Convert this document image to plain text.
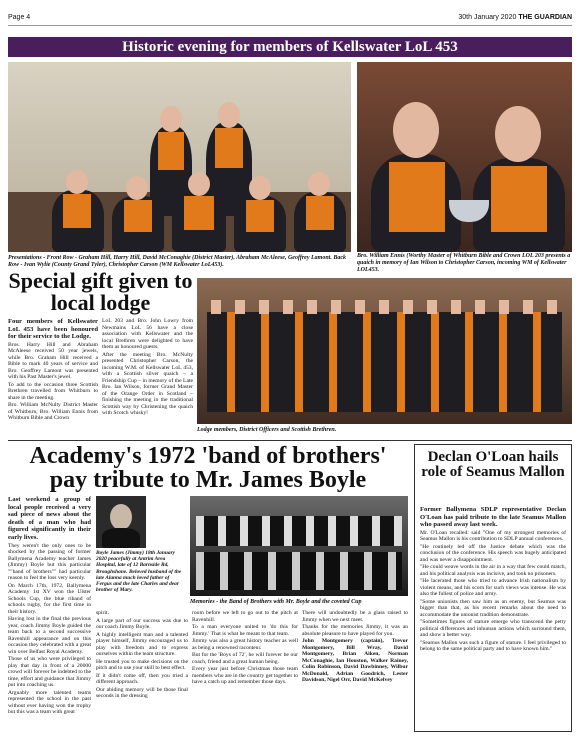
Page 4	30th January 2020 THE GUARDIAN
Historic evening for members of Kellswater LoL 453
Presentations - Front Row - Graham Hill, Harry Hill, David McConaghie (District Master), Abraham McAleese, Geoffrey Lamont. Back Row - Ivan Wylie (County Grand Tyler), Christopher Carson (WM Kellswater LoL453).
Bro. William Ennis (Worthy Master of Whitburn Bible and Crown LOL 203 presents a quaich in memory of Ian Wilson to Christopher Carson, incoming WM of Kellswater LOL453.
Special gift given to local lodge

Four members of Kellswater LoL 453 have been honoured for their service to the Lodge.

Bros. Harry Hill and Abraham McAleese received 50 year jewels, while Bro. Graham Hill received a Bible to mark 40 years of service and Bro. Geoffrey Lamont was presented with his Past Master's jewel.

To add to the occasion three Scottish Brethren travelled from Whitburn to share in the meeting.

Bro. William McNulty District Master of Whitburn, Bro. William Ennis from Whitburn Bible and Crown

LoL 203 and Bro. John Lowry from Newmains LoL 56 have a close association with Kellswater and the local Brethren were delighted to have them as honoured guests.

After the meeting Bro. McNulty presented Christopher Carson, the incoming W.M. of Kellswater LoL 453, with a Scottish silver quaich – a Friendship Cup – in memory of the Late Bro. Ian Wilson, former Grand Master of the Orange Order in Scotland – finishing the meeting in the traditional Scottish way by Christening the quaich with Scotch whisky!

Lodge members, District Officers and Scottish Brethren.
Academy's 1972 'band of brothers' pay tribute to Mr. James Boyle

Last weekend a group of local people received a very sad piece of news about the death of a man who had figured significantly in their early lives.

They weren't the only ones to be shocked by the passing of former Ballymena Academy teacher James (Jimmy) Boyle but this particular ""band of brothers"" had particular reason to feel the loss very keenly.

On March 17th, 1972, Ballymena Academy 1st XV won the Ulster Schools Cup, the blue riband of schools rugby, for the first time in their history.

Having lost in the final the previous year, coach Jimmy Boyle guided the team back to a second successive Ravenhill appearance and on this occasion they celebrated with a great win over Belfast Royal Academy.

Those of us who were privileged to play that day in front of a 20000 crowd will forever be indebted to the time, effort and guidance that Jimmy put into coaching us.

Arguably more talented teams represented the school in the past without ever having won the trophy but this was a team with great

Boyle James (Jimmy) 18th January 2020 peacefully at Antrim Area Hospital, late of 12 Barnside Rd, Broughshane. Beloved husband of the late Alanna much loved father of Fergus and the late Charles and dear brother of Mary.
Memories - the Band of Brothers with Mr. Boyle and the coveted Cup

spirit.

A large part of our success was due to our coach Jimmy Boyle.

A highly intelligent man and a talented player himself, Jimmy encouraged us to play with freedom and to express ourselves within the team structure.

He trusted you to make decisions on the pitch and to use your skill to best effect.

If it didn't come off, then you tried a different approach.

Our abiding memory will be those final seconds in the dressing

room before we left to go out to the pitch at Ravenhill.

To a man everyone united to 'do this for Jimmy.' That is what he meant to that team.

Jimmy was also a great history teacher as well as being a renowned raconteur.

But for the 'Boys of 72', he will forever be our coach, friend and a great human being.

Every year just before Christmas those team members who are in the country get together to have a catch up and remember those days.

There will undoubtedly be a glass raised to Jimmy when we next meet.

Thanks for the memories Jimmy, it was an absolute pleasure to have played for you.

John Montgomery (captain), Trevor Montgomery, Bill Wray, David Montgomery, Brian Aiken, Norman McConaghie, Ian Houston, Walker Rainey, Colin Robinson, David Dawbinney, Wilbur McDonald, Adrian Goodrich, Lester Davidson, Nigel Orr, David McKelvey

Declan O'Loan hails role of Seamus Mallon

Former Ballymena SDLP representative Declan O'Loan has paid tribute to the late Seamus Mallon who passed away last week.

Mr. O'Loan recalled: said "One of my strongest memories of Seamus Mallon is his contribution to SDLP annual conferences.

"He routinely led off the Justice debate which was the conclusion of the conference. His speech was hugely anticipated and was never a disappointment.

"He could weave words in the air in a way that few could match, and his political analysis was incisive, and took no prisoners.

"He lacerated those who tried to advance Irish nationalism by violent means, and his scorn for such views was intense. He was also the fullest of police and army.

"Some unionists then saw him as an enemy, but Seamus was bigger than that, as his recent remarks about the need to accommodate the unionist tradition demonstrate.

"Sometimes figures of stature emerge who transcend the petty political differences and inhuman actions which surround them, and show a better way.

"Seamus Mallon was such a figure of stature. I feel privileged to belong to the same political party and to have known him."
